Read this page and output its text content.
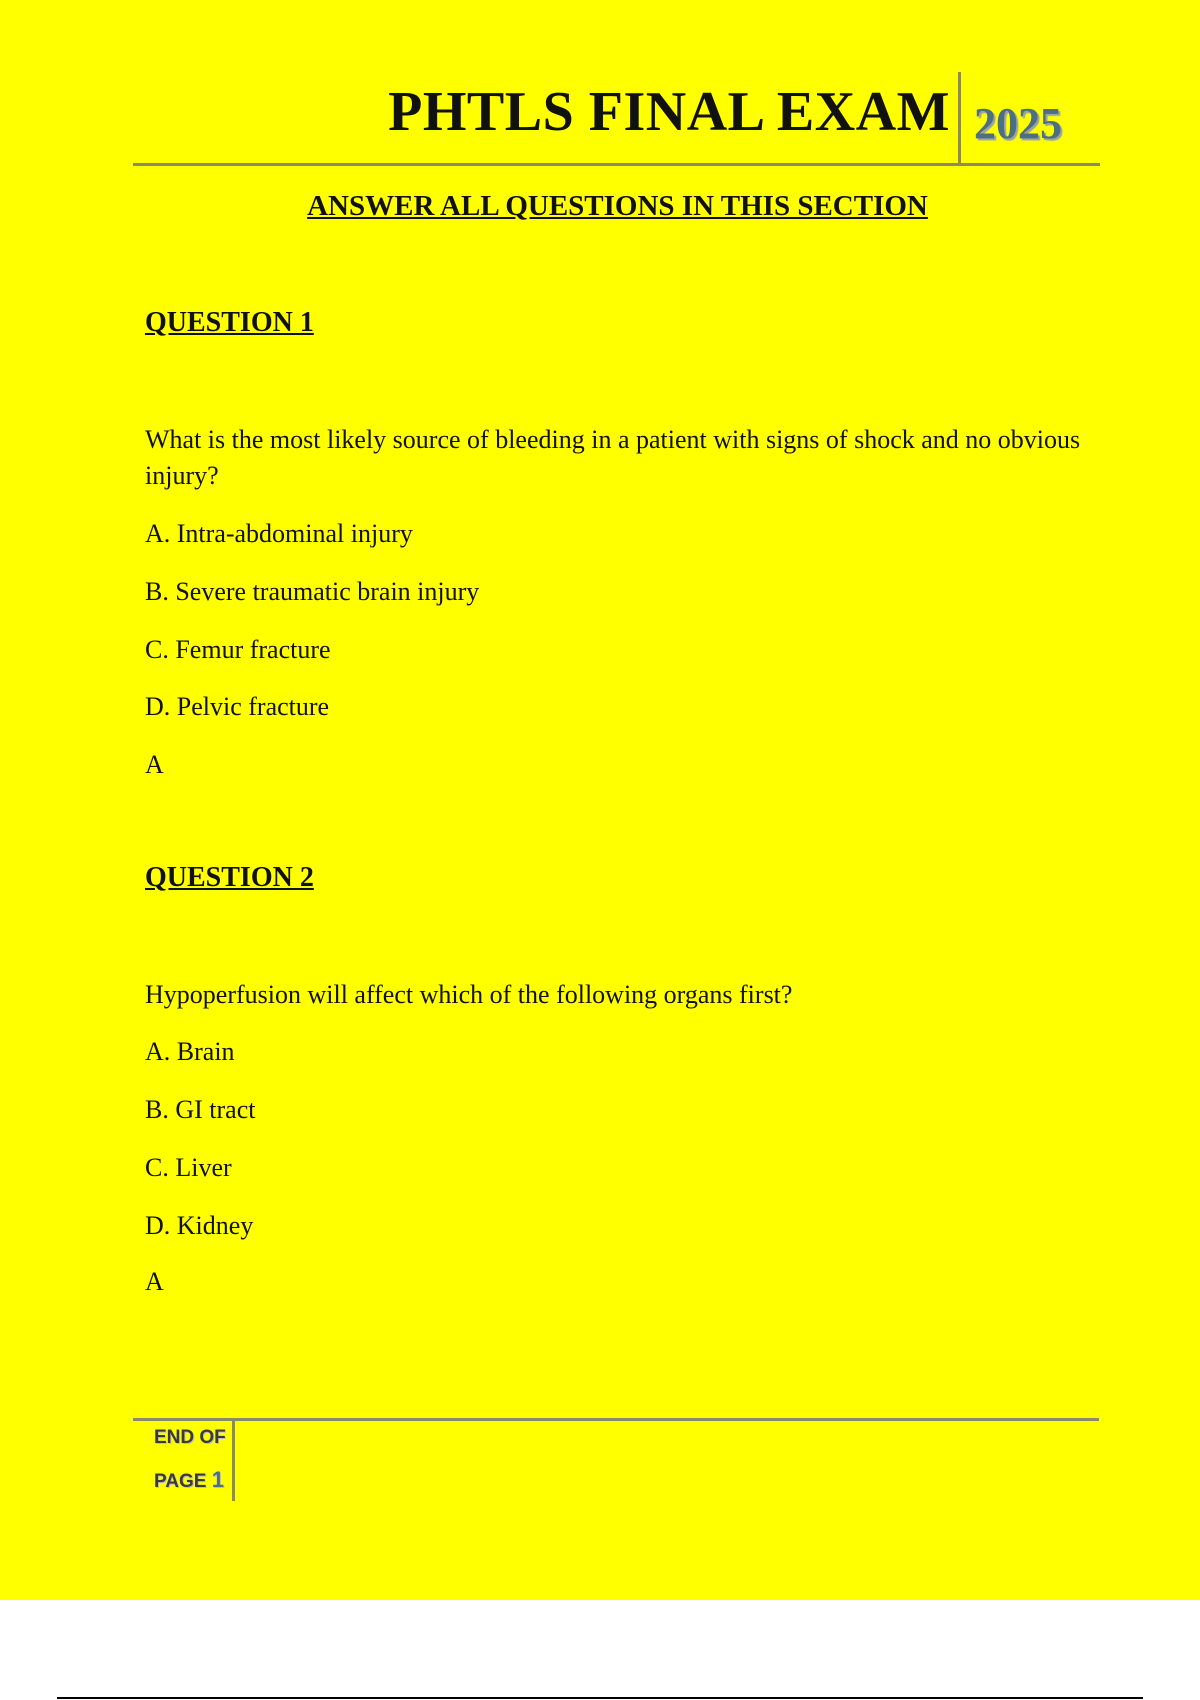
PHTLS FINAL EXAM 2025
ANSWER ALL QUESTIONS IN THIS SECTION
QUESTION 1
What is the most likely source of bleeding in a patient with signs of shock and no obvious injury?
A. Intra-abdominal injury
B. Severe traumatic brain injury
C. Femur fracture
D. Pelvic fracture
A
QUESTION 2
Hypoperfusion will affect which of the following organs first?
A. Brain
B. GI tract
C. Liver
D. Kidney
A
END OF
PAGE 1
